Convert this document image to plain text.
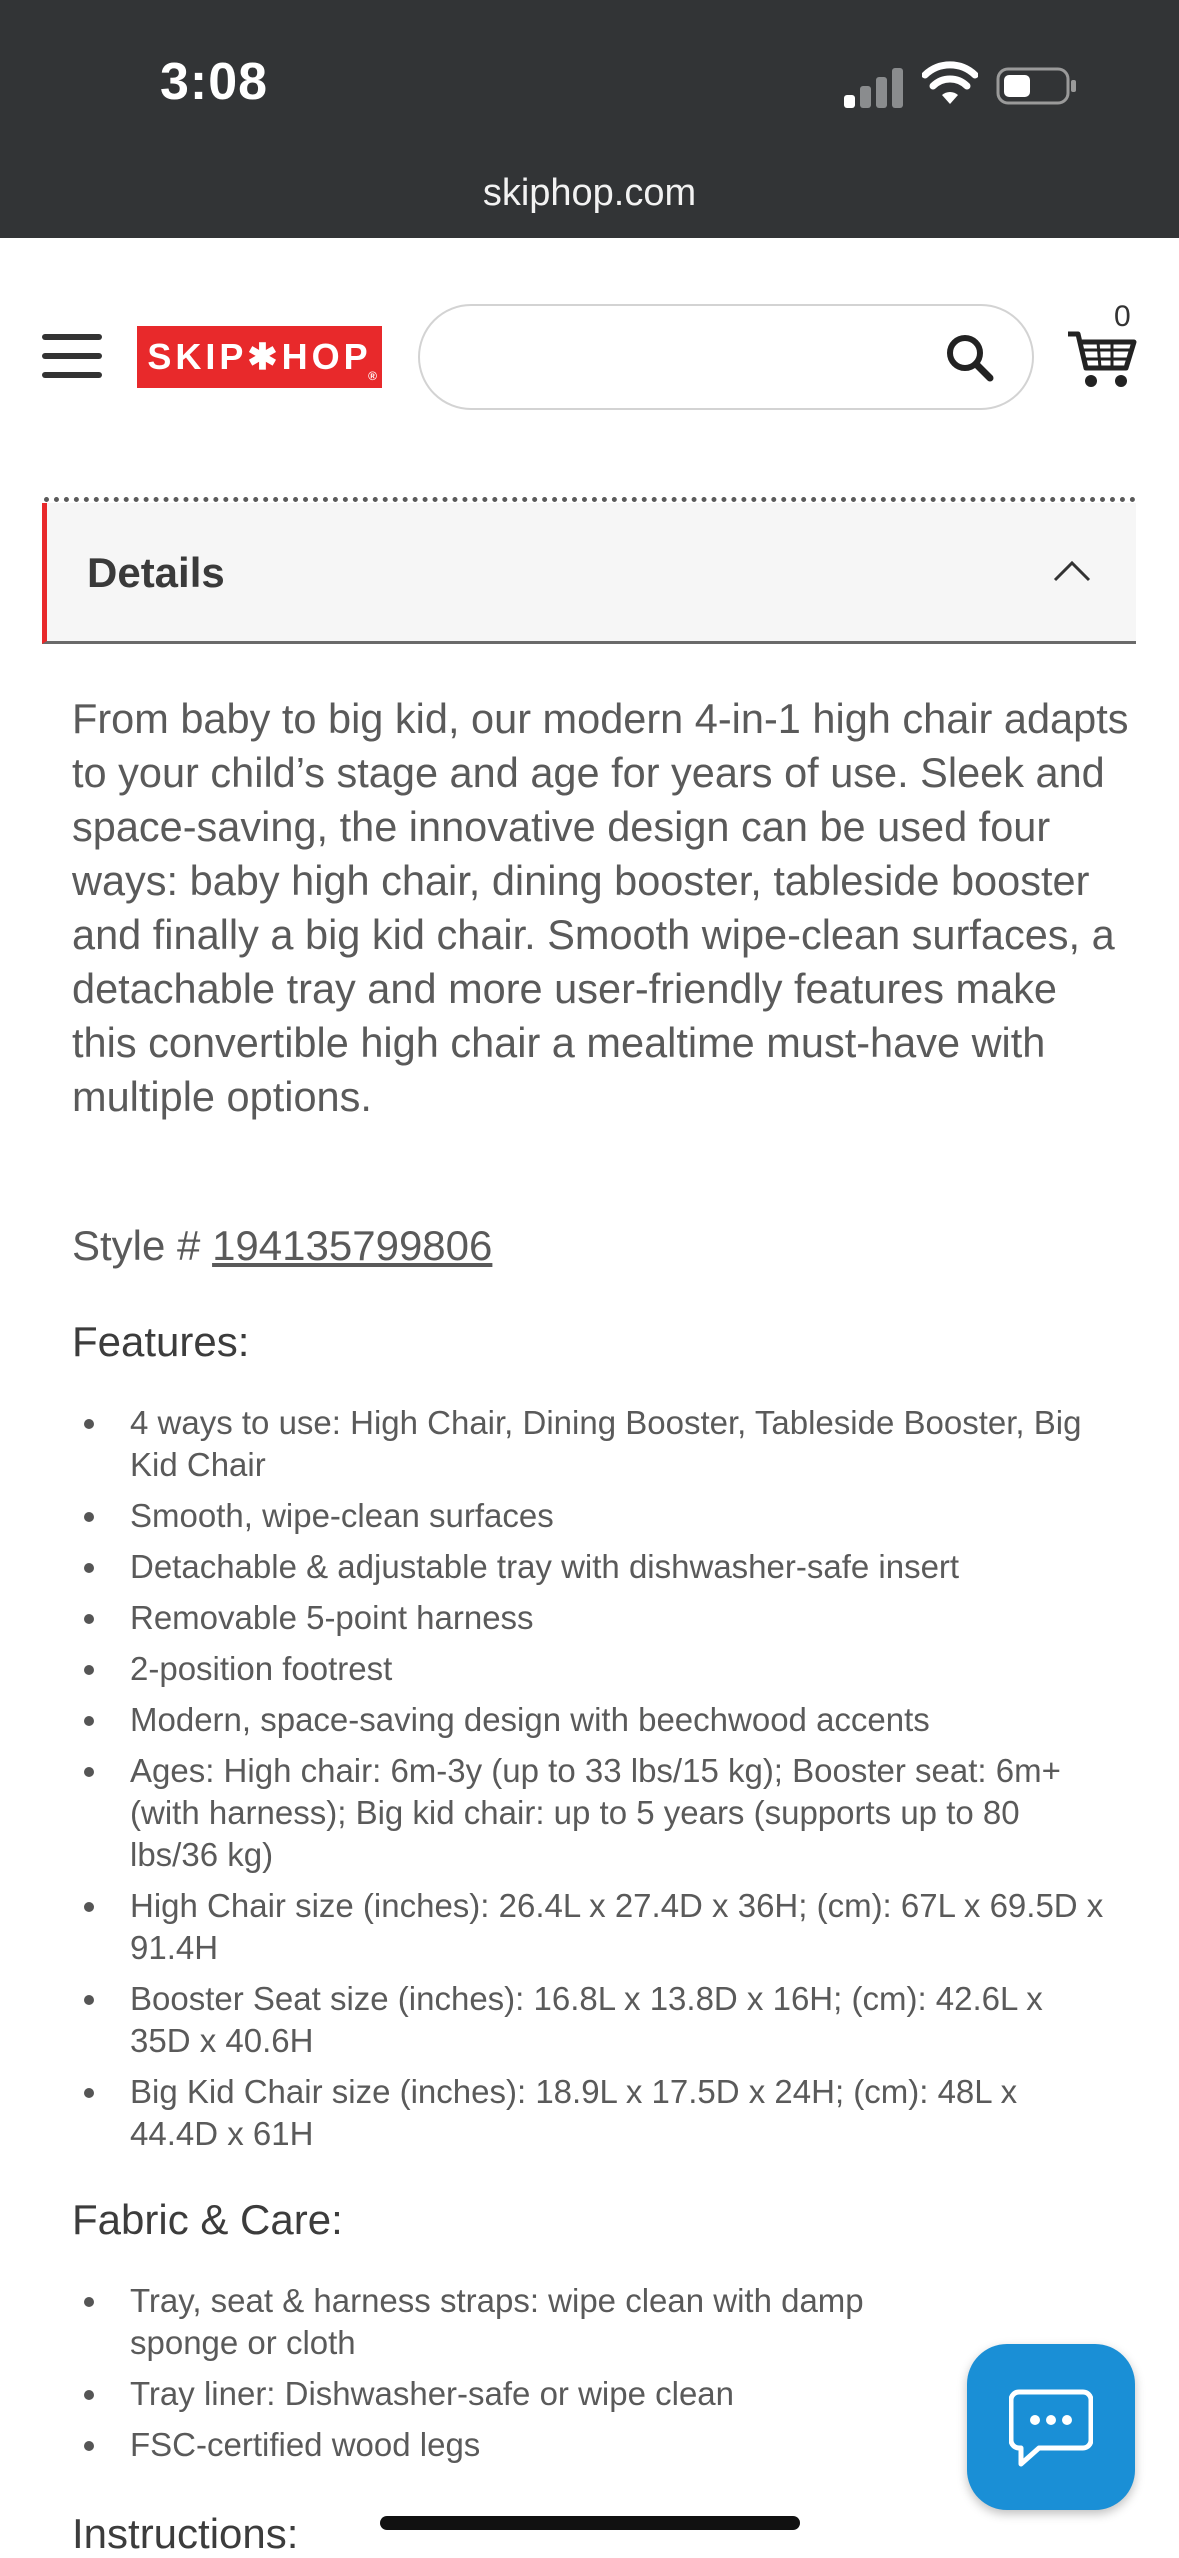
3:08
skiphop.com
SKIP✱HOP
®
0
Details
From baby to big kid, our modern 4-in-1 high chair adapts to your child’s stage and age for years of use. Sleek and space-saving, the innovative design can be used four ways: baby high chair, dining booster, tableside booster and finally a big kid chair. Smooth wipe-clean surfaces, a detachable tray and more user-friendly features make this convertible high chair a mealtime must-have with multiple options.
Style # 194135799806
Features:
4 ways to use: High Chair, Dining Booster, Tableside Booster, Big Kid Chair
Smooth, wipe-clean surfaces
Detachable & adjustable tray with dishwasher-safe insert
Removable 5-point harness
2-position footrest
Modern, space-saving design with beechwood accents
Ages: High chair: 6m-3y (up to 33 lbs/15 kg); Booster seat: 6m+ (with harness); Big kid chair: up to 5 years (supports up to 80 lbs/36 kg)
High Chair size (inches): 26.4L x 27.4D x 36H; (cm): 67L x 69.5D x 91.4H
Booster Seat size (inches): 16.8L x 13.8D x 16H; (cm): 42.6L x 35D x 40.6H
Big Kid Chair size (inches): 18.9L x 17.5D x 24H; (cm): 48L x 44.4D x 61H
Fabric & Care:
Tray, seat & harness straps: wipe clean with damp sponge or cloth
Tray liner: Dishwasher-safe or wipe clean
FSC-certified wood legs
Instructions:
